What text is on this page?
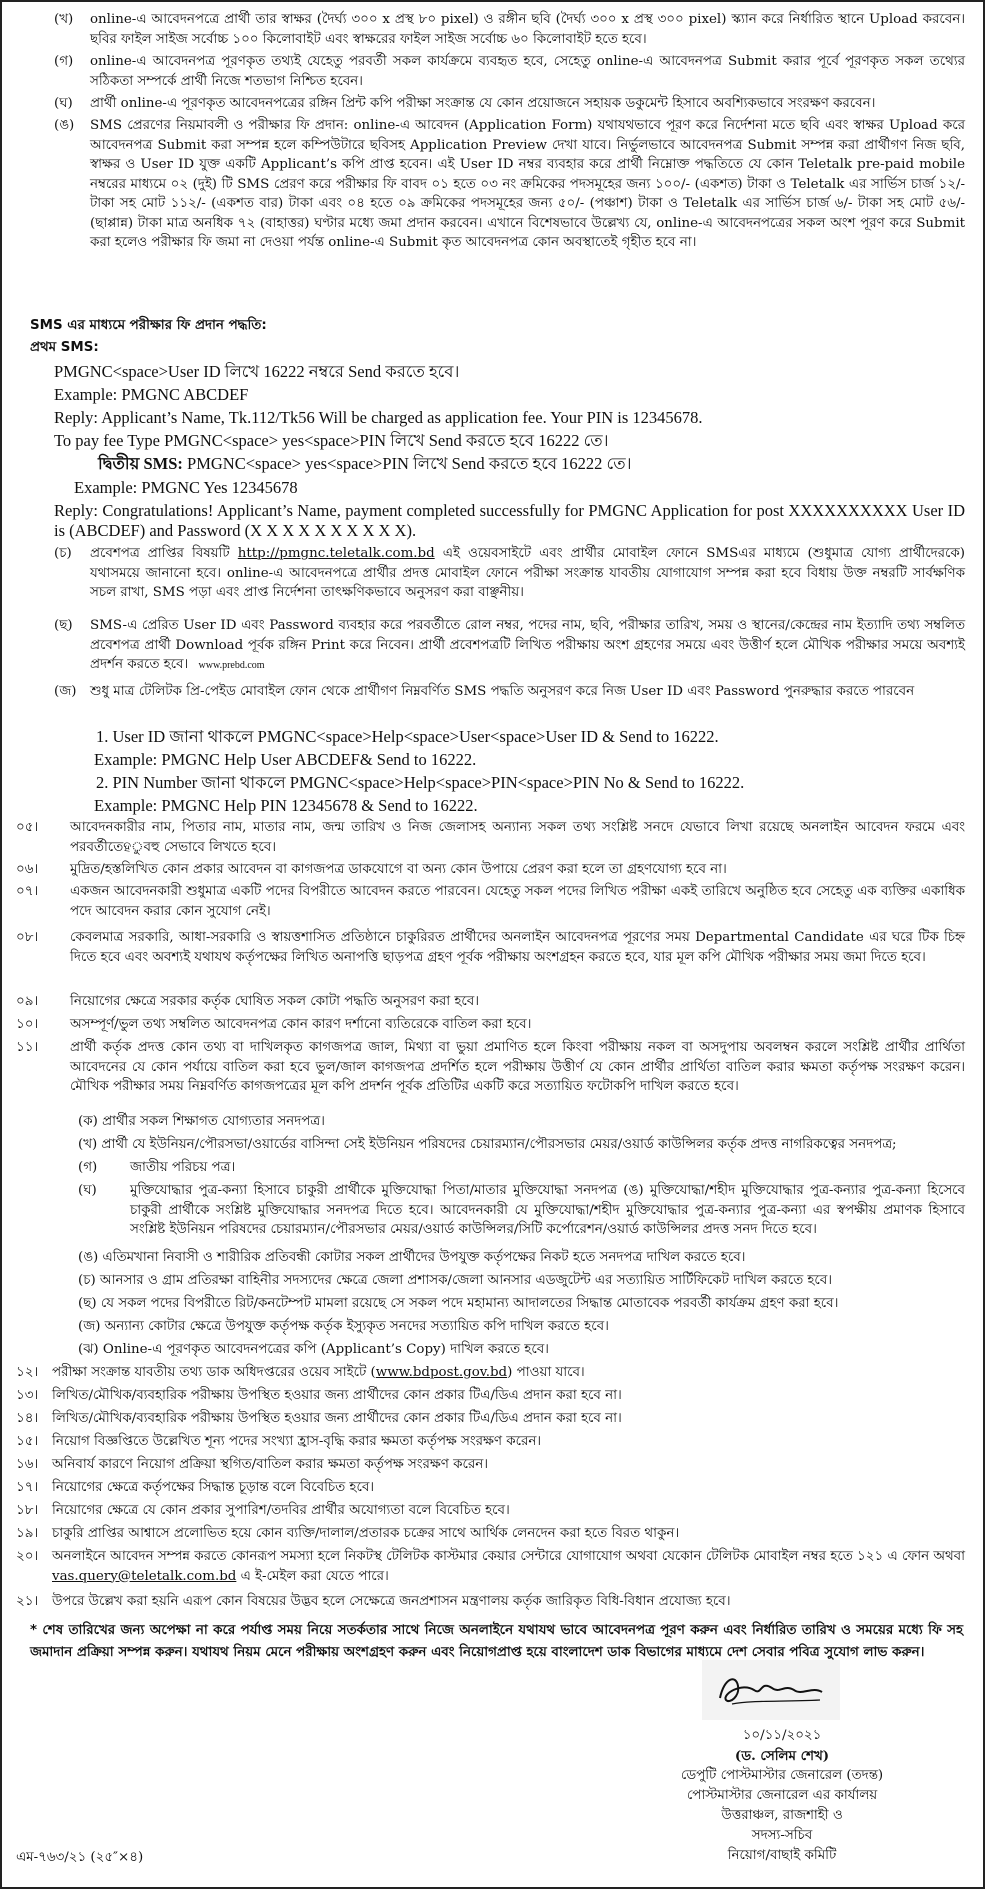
(খ)	online-এ আবেদনপত্রে প্রার্থী তার স্বাক্ষর (দৈর্ঘ্য ৩০০ x প্রস্থ ৮০ pixel) ও রঙ্গীন ছবি (দৈর্ঘ্য ৩০০ x প্রস্থ ৩০০ pixel) স্ক্যান করে নির্ধারিত স্থানে Upload করবেন। ছবির ফাইল সাইজ সর্বোচ্চ ১০০ কিলোবাইট এবং স্বাক্ষরের ফাইল সাইজ সর্বোচ্চ ৬০ কিলোবাইট হতে হবে।
(গ)	online-এ আবেদনপত্র পূরণকৃত তথ্যই যেহেতু পরবর্তী সকল কার্যক্রমে ব্যবহৃত হবে, সেহেতু online-এ আবেদনপত্র Submit করার পূর্বে পূরণকৃত সকল তথ্যের সঠিকতা সম্পর্কে প্রার্থী নিজে শতভাগ নিশ্চিত হবেন।
(ঘ)	প্রার্থী online-এ পূরণকৃত আবেদনপত্রের রঙ্গিন প্রিন্ট কপি পরীক্ষা সংক্রান্ত যে কোন প্রয়োজনে সহায়ক ডকুমেন্ট হিসাবে অবশ্যিকভাবে সংরক্ষণ করবেন।
(ঙ)	SMS প্রেরণের নিয়মাবলী ও পরীক্ষার ফি প্রদান: online-এ আবেদন (Application Form) যথাযথভাবে পূরণ করে নির্দেশনা মতে ছবি এবং স্বাক্ষর Upload করে আবেদনপত্র Submit করা সম্পন্ন হলে কম্পিউটারে ছবিসহ Application Preview দেখা যাবে। নির্ভুলভাবে আবেদনপত্র Submit সম্পন্ন করা প্রার্থীগণ নিজ ছবি, স্বাক্ষর ও User ID যুক্ত একটি Applicant’s কপি প্রাপ্ত হবেন। এই User ID নম্বর ব্যবহার করে প্রার্থী নিম্নোক্ত পদ্ধতিতে যে কোন Teletalk pre-paid mobile নম্বরের মাধ্যমে ০২ (দুই) টি SMS প্রেরণ করে পরীক্ষার ফি বাবদ ০১ হতে ০৩ নং ক্রমিকের পদসমূহের জন্য ১০০/- (একশত) টাকা ও Teletalk এর সার্ভিস চার্জ ১২/- টাকা সহ মোট ১১২/- (একশত বার) টাকা এবং ০৪ হতে ০৯ ক্রমিকের পদসমূহের জন্য ৫০/- (পঞ্চাশ) টাকা ও Teletalk এর সার্ভিস চার্জ ৬/- টাকা সহ মোট ৫৬/- (ছাপ্পান্ন) টাকা মাত্র অনধিক ৭২ (বাহাত্তর) ঘণ্টার মধ্যে জমা প্রদান করবেন। এখানে বিশেষভাবে উল্লেখ্য যে, online-এ আবেদনপত্রের সকল অংশ পূরণ করে Submit করা হলেও পরীক্ষার ফি জমা না দেওয়া পর্যন্ত online-এ Submit কৃত আবেদনপত্র কোন অবস্থাতেই গৃহীত হবে না।
SMS এর মাধ্যমে পরীক্ষার ফি প্রদান পদ্ধতি:
প্রথম SMS:
PMGNC<space>User ID লিখে 16222 নম্বরে Send করতে হবে।
Example: PMGNC ABCDEF
Reply: Applicant’s Name, Tk.112/Tk56 Will be charged as application fee. Your PIN is 12345678.
To pay fee Type PMGNC<space> yes<space>PIN লিখে Send করতে হবে 16222 তে।
দ্বিতীয় SMS: PMGNC<space> yes<space>PIN লিখে Send করতে হবে 16222 তে।
Example: PMGNC Yes 12345678
Reply: Congratulations! Applicant’s Name, payment completed successfully for PMGNC Application for post XXXXXXXXXX User ID is (ABCDEF) and Password (X X X X X X X X X X).
(চ)	প্রবেশপত্র প্রাপ্তির বিষয়টি http://pmgnc.teletalk.com.bd এই ওয়েবসাইটে এবং প্রার্থীর মোবাইল ফোনে SMSএর মাধ্যমে (শুধুমাত্র যোগ্য প্রার্থীদেরকে) যথাসময়ে জানানো হবে। online-এ আবেদনপত্রে প্রার্থীর প্রদত্ত মোবাইল ফোনে পরীক্ষা সংক্রান্ত যাবতীয় যোগাযোগ সম্পন্ন করা হবে বিধায় উক্ত নম্বরটি সার্বক্ষণিক সচল রাখা, SMS পড়া এবং প্রাপ্ত নির্দেশনা তাৎক্ষণিকভাবে অনুসরণ করা বাঞ্ছনীয়।
(ছ)	SMS-এ প্রেরিত User ID এবং Password ব্যবহার করে পরবর্তীতে রোল নম্বর, পদের নাম, ছবি, পরীক্ষার তারিখ, সময় ও স্থানের/কেন্দ্রের নাম ইত্যাদি তথ্য সম্বলিত প্রবেশপত্র প্রার্থী Download পূর্বক রঙ্গিন Print করে নিবেন। প্রার্থী প্রবেশপত্রটি লিখিত পরীক্ষায় অংশ গ্রহণের সময়ে এবং উত্তীর্ণ হলে মৌখিক পরীক্ষার সময়ে অবশ্যই প্রদর্শন করতে হবে। www.prebd.com
(জ)	শুধু মাত্র টেলিটক প্রি-পেইড মোবাইল ফোন থেকে প্রার্থীগণ নিম্নবর্ণিত SMS পদ্ধতি অনুসরণ করে নিজ User ID এবং Password পুনরুদ্ধার করতে পারবেন
1. User ID জানা থাকলে PMGNC<space>Help<space>User<space>User ID & Send to 16222.
Example: PMGNC Help User ABCDEF& Send to 16222.
2. PIN Number জানা থাকলে PMGNC<space>Help<space>PIN<space>PIN No & Send to 16222.
Example: PMGNC Help PIN 12345678 & Send to 16222.
০৫।	আবেদনকারীর নাম, পিতার নাম, মাতার নাম, জন্ম তারিখ ও নিজ জেলাসহ অন্যান্য সকল তথ্য সংশ্লিষ্ট সনদে যেভাবে লিখা রয়েছে অনলাইন আবেদন ফরমে এবং পরবর্তীতেହুবহু সেভাবে লিখতে হবে।
০৬।	মুদ্রিত/হস্তলিখিত কোন প্রকার আবেদন বা কাগজপত্র ডাকযোগে বা অন্য কোন উপায়ে প্রেরণ করা হলে তা গ্রহণযোগ্য হবে না।
০৭।	একজন আবেদনকারী শুধুমাত্র একটি পদের বিপরীতে আবেদন করতে পারবেন। যেহেতু সকল পদের লিখিত পরীক্ষা একই তারিখে অনুষ্ঠিত হবে সেহেতু এক ব্যক্তির একাধিক পদে আবেদন করার কোন সুযোগ নেই।
০৮।	কেবলমাত্র সরকারি, আধা-সরকারি ও স্বায়ত্তশাসিত প্রতিষ্ঠানে চাকুরিরত প্রার্থীদের অনলাইন আবেদনপত্র পূরণের সময় Departmental Candidate এর ঘরে টিক চিহ্ন দিতে হবে এবং অবশ্যই যথাযথ কর্তৃপক্ষের লিখিত অনাপত্তি ছাড়পত্র গ্রহণ পূর্বক পরীক্ষায় অংশগ্রহন করতে হবে, যার মূল কপি মৌখিক পরীক্ষার সময় জমা দিতে হবে।
০৯।	নিয়োগের ক্ষেত্রে সরকার কর্তৃক ঘোষিত সকল কোটা পদ্ধতি অনুসরণ করা হবে।
১০।	অসম্পূর্ণ/ভুল তথ্য সম্বলিত আবেদনপত্র কোন কারণ দর্শানো ব্যতিরেকে বাতিল করা হবে।
১১।	প্রার্থী কর্তৃক প্রদত্ত কোন তথ্য বা দাখিলকৃত কাগজপত্র জাল, মিথ্যা বা ভুয়া প্রমাণিত হলে কিংবা পরীক্ষায় নকল বা অসদুপায় অবলম্বন করলে সংশ্লিষ্ট প্রার্থীর প্রার্থিতা আবেদনের যে কোন পর্যায়ে বাতিল করা হবে ভুল/জাল কাগজপত্র প্রদর্শিত হলে পরীক্ষায় উত্তীর্ণ যে কোন প্রার্থীর প্রার্থিতা বাতিল করার ক্ষমতা কর্তৃপক্ষ সংরক্ষণ করেন। মৌখিক পরীক্ষার সময় নিম্নবর্ণিত কাগজপত্রের মূল কপি প্রদর্শন পূর্বক প্রতিটির একটি করে সত্যায়িত ফটোকপি দাখিল করতে হবে।
(ক) প্রার্থীর সকল শিক্ষাগত যোগ্যতার সনদপত্র।
(খ) প্রার্থী যে ইউনিয়ন/পৌরসভা/ওয়ার্ডের বাসিন্দা সেই ইউনিয়ন পরিষদের চেয়ারম্যান/পৌরসভার মেয়র/ওয়ার্ড কাউন্সিলর কর্তৃক প্রদত্ত নাগরিকত্বের সনদপত্র;
(গ)	জাতীয় পরিচয় পত্র।
(ঘ)	মুক্তিযোদ্ধার পুত্র-কন্যা হিসাবে চাকুরী প্রার্থীকে মুক্তিযোদ্ধা পিতা/মাতার মুক্তিযোদ্ধা সনদপত্র (ঙ) মুক্তিযোদ্ধা/শহীদ মুক্তিযোদ্ধার পুত্র-কন্যার পুত্র-কন্যা হিসেবে চাকুরী প্রার্থীকে সংশ্লিষ্ট মুক্তিযোদ্ধার সনদপত্র দিতে হবে। আবেদনকারী যে মুক্তিযোদ্ধা/শহীদ মুক্তিযোদ্ধার পুত্র-কন্যার পুত্র-কন্যা এর স্বপক্ষীয় প্রমাণক হিসাবে সংশ্লিষ্ট ইউনিয়ন পরিষদের চেয়ারম্যান/পৌরসভার মেয়র/ওয়ার্ড কাউন্সিলর/সিটি কর্পোরেশন/ওয়ার্ড কাউন্সিলর প্রদত্ত সনদ দিতে হবে।
(ঙ) এতিমখানা নিবাসী ও শারীরিক প্রতিবন্ধী কোটার সকল প্রার্থীদের উপযুক্ত কর্তৃপক্ষের নিকট হতে সনদপত্র দাখিল করতে হবে।
(চ) আনসার ও গ্রাম প্রতিরক্ষা বাহিনীর সদস্যদের ক্ষেত্রে জেলা প্রশাসক/জেলা আনসার এডজুটেন্ট এর সত্যায়িত সার্টিফিকেট দাখিল করতে হবে।
(ছ) যে সকল পদের বিপরীতে রিট/কনটেম্পট মামলা রয়েছে সে সকল পদে মহামান্য আদালতের সিদ্ধান্ত মোতাবেক পরবর্তী কার্যক্রম গ্রহণ করা হবে।
(জ) অন্যান্য কোটার ক্ষেত্রে উপযুক্ত কর্তৃপক্ষ কর্তৃক ইস্যুকৃত সনদের সত্যায়িত কপি দাখিল করতে হবে।
(ঝ) Online-এ পূরণকৃত আবেদনপত্রের কপি (Applicant’s Copy) দাখিল করতে হবে।
১২।	পরীক্ষা সংক্রান্ত যাবতীয় তথ্য ডাক অধিদপ্তরের ওয়েব সাইটে (www.bdpost.gov.bd) পাওয়া যাবে।
১৩।	লিখিত/মৌখিক/ব্যবহারিক পরীক্ষায় উপস্থিত হওয়ার জন্য প্রার্থীদের কোন প্রকার টিএ/ডিএ প্রদান করা হবে না।
১৪।	লিখিত/মৌখিক/ব্যবহারিক পরীক্ষায় উপস্থিত হওয়ার জন্য প্রার্থীদের কোন প্রকার টিএ/ডিএ প্রদান করা হবে না।
১৫।	নিয়োগ বিজ্ঞপ্তিতে উল্লেখিত শূন্য পদের সংখ্যা হ্রাস-বৃদ্ধি করার ক্ষমতা কর্তৃপক্ষ সংরক্ষণ করেন।
১৬।	অনিবার্য কারণে নিয়োগ প্রক্রিয়া স্থগিত/বাতিল করার ক্ষমতা কর্তৃপক্ষ সংরক্ষণ করেন।
১৭।	নিয়োগের ক্ষেত্রে কর্তৃপক্ষের সিদ্ধান্ত চূড়ান্ত বলে বিবেচিত হবে।
১৮।	নিয়োগের ক্ষেত্রে যে কোন প্রকার সুপারিশ/তদবির প্রার্থীর অযোগ্যতা বলে বিবেচিত হবে।
১৯।	চাকুরি প্রাপ্তির আশ্বাসে প্রলোভিত হয়ে কোন ব্যক্তি/দালাল/প্রতারক চক্রের সাথে আর্থিক লেনদেন করা হতে বিরত থাকুন।
২০।	অনলাইনে আবেদন সম্পন্ন করতে কোনরূপ সমস্যা হলে নিকটস্থ টেলিটক কাস্টমার কেয়ার সেন্টারে যোগাযোগ অথবা যেকোন টেলিটক মোবাইল নম্বর হতে ১২১ এ ফোন অথবা vas.query@teletalk.com.bd এ ই-মেইল করা যেতে পারে।
২১।	উপরে উল্লেখ করা হয়নি এরূপ কোন বিষয়ের উদ্ভব হলে সেক্ষেত্রে জনপ্রশাসন মন্ত্রণালয় কর্তৃক জারিকৃত বিধি-বিধান প্রযোজ্য হবে।
* শেষ তারিখের জন্য অপেক্ষা না করে পর্যাপ্ত সময় নিয়ে সতর্কতার সাথে নিজে অনলাইনে যথাযথ ভাবে আবেদনপত্র পূরণ করুন এবং নির্ধারিত তারিখ ও সময়ের মধ্যে ফি সহ জমাদান প্রক্রিয়া সম্পন্ন করুন। যথাযথ নিয়ম মেনে পরীক্ষায় অংশগ্রহণ করুন এবং নিয়োগপ্রাপ্ত হয়ে বাংলাদেশ ডাক বিভাগের মাধ্যমে দেশ সেবার পবিত্র সুযোগ লাভ করুন।
১০/১১/২০২১
(ড. সেলিম শেখ)
ডেপুটি পোস্টমাস্টার জেনারেল (তদন্ত)
পোস্টমাস্টার জেনারেল এর কার্যালয়
উত্তরাঞ্চল, রাজশাহী ও
সদস্য-সচিব
নিয়োগ/বাছাই কমিটি
এম-৭৬৩/২১ (২৫″×৪)
